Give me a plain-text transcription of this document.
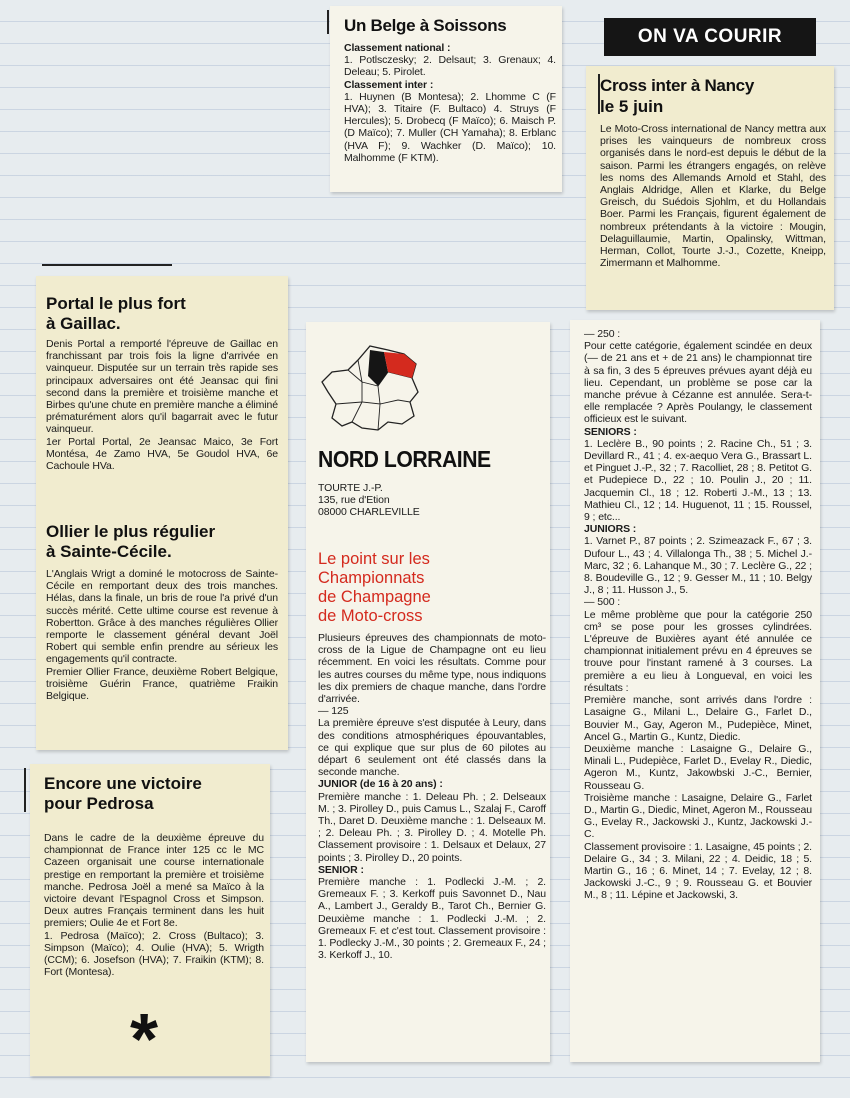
Un Belge à Soissons

Classement national :

1. Potlsczesky; 2. Delsaut; 3. Grenaux; 4. Deleau; 5. Pirolet.

Classement inter :

1. Huynen (B Montesa); 2. Lhomme C (F HVA); 3. Titaire (F. Bultaco) 4. Struys (F Hercules); 5. Drobecq (F Maïco); 6. Maisch P. (D Maïco); 7. Muller (CH Yamaha); 8. Erblanc (HVA F); 9. Wachker (D. Maïco); 10. Malhomme (F KTM).

Cross inter à Nancy
le 5 juin
Le Moto-Cross international de Nancy mettra aux prises les vainqueurs de nombreux cross organisés dans le nord-est depuis le début de la saison. Parmi les étrangers engagés, on relève les noms des Allemands Arnold et Stahl, des Anglais Aldridge, Allen et Klarke, du Belge Greisch, du Suédois Sjohlm, et du Hollandais Boer. Parmi les Français, figurent également de nombreux prétendants à la victoire : Mougin, Delaguillaumie, Martin, Opalinsky, Wittman, Herman, Collot, Tourte J.-J., Cozette, Kneipp, Zimermann et Malhomme.
ON VA COURIR
Portal le plus fort
à Gaillac.

Denis Portal a remporté l'épreuve de Gaillac en franchissant par trois fois la ligne d'arrivée en vainqueur. Disputée sur un terrain très rapide ses principaux adversaires ont été Jeansac qui fini second dans la première et troisième manche et Birbes qu'une chute en première manche a éliminé prématurément alors qu'il bagarrait avec le futur vainqueur.

1er Portal Portal, 2e Jeansac Maico, 3e Fort Montésa, 4e Zamo HVA, 5e Goudol HVA, 6e Cachoule HVa.

Ollier le plus régulier
à Sainte-Cécile.

L'Anglais Wrigt a dominé le motocross de Sainte-Cécile en remportant deux des trois manches. Hélas, dans la finale, un bris de roue l'a privé d'un succès mérité. Cette ultime course est revenue à Robertton. Grâce à des manches régulières Ollier remporte le classement général devant Joël Robert qui semble enfin prendre au sérieux les engagements qu'il contracte.

Premier Ollier France, deuxième Robert Belgique, troisième Guérin France, quatrième Fraikin Belgique.

Encore une victoire
pour Pedrosa

Dans le cadre de la deuxième épreuve du championnat de France inter 125 cc le MC Cazeen organisait une course internationale prestige en remportant la première et troisième manche. Pedrosa Joël a mené sa Maïco à la victoire devant l'Espagnol Cross et Simpson. Deux autres Français terminent dans les huit premiers; Oulie 4e et Fort 8e.

1. Pedrosa (Maïco); 2. Cross (Bultaco); 3. Simpson (Maïco); 4. Oulie (HVA); 5. Wrigth (CCM); 6. Josefson (HVA); 7. Fraikin (KTM); 8. Fort (Montesa).

*
NORD LORRAINE

TOURTE J.-P.

135, rue d'Etion

08000 CHARLEVILLE

Le point sur les
Championnats
de Champagne
de Moto-cross

Plusieurs épreuves des championnats de moto-cross de la Ligue de Champagne ont eu lieu récemment. En voici les résultats. Comme pour les autres courses du même type, nous indiquons les dix premiers de chaque manche, dans l'ordre d'arrivée.

— 125

La première épreuve s'est disputée à Leury, dans des conditions atmosphériques épouvantables, ce qui explique que sur plus de 60 pilotes au départ 6 seulement ont été classés dans la seconde manche.

JUNIOR (de 16 à 20 ans) :

Première manche : 1. Deleau Ph. ; 2. Delseaux M. ; 3. Pirolley D., puis Camus L., Szalaj F., Caroff Th., Daret D. Deuxième manche : 1. Delseaux M. ; 2. Deleau Ph. ; 3. Pirolley D. ; 4. Motelle Ph. Classement provisoire : 1. Delsaux et Delaux, 27 points ; 3. Pirolley D., 20 points.

SENIOR :

Première manche : 1. Podlecki J.-M. ; 2. Gremeaux F. ; 3. Kerkoff puis Savonnet D., Nau A., Lambert J., Geraldy B., Tarot Ch., Bernier G. Deuxième manche : 1. Podlecki J.-M. ; 2. Gremeaux F. et c'est tout. Classement provisoire : 1. Podlecky J.-M., 30 points ; 2. Gremeaux F., 24 ; 3. Kerkoff J., 10.

— 250 :

Pour cette catégorie, également scindée en deux (— de 21 ans et + de 21 ans) le championnat tire à sa fin, 3 des 5 épreuves prévues ayant déjà eu lieu. Cependant, un problème se pose car la manche prévue à Cézanne est annulée. Sera-t-elle remplacée ? Après Poulangy, le classement officieux est le suivant.

SENIORS :

1. Leclère B., 90 points ; 2. Racine Ch., 51 ; 3. Devillard R., 41 ; 4. ex-aequo Vera G., Brassart L. et Pinguet J.-P., 32 ; 7. Racolliet, 28 ; 8. Petitot G. et Pudepiece D., 22 ; 10. Poulin J., 20 ; 11. Jacquemin Cl., 18 ; 12. Roberti J.-M., 13 ; 13. Mathieu Cl., 12 ; 14. Huguenot, 11 ; 15. Roussel, 9 ; etc...

JUNIORS :

1. Varnet P., 87 points ; 2. Szimeazack F., 67 ; 3. Dufour L., 43 ; 4. Villalonga Th., 38 ; 5. Michel J.-Marc, 32 ; 6. Lahanque M., 30 ; 7. Leclère G., 22 ; 8. Boudeville G., 12 ; 9. Gesser M., 11 ; 10. Belgy J., 8 ; 11. Husson J., 5.

— 500 :

Le même problème que pour la catégorie 250 cm³ se pose pour les grosses cylindrées. L'épreuve de Buxières ayant été annulée ce championnat initialement prévu en 4 épreuves se trouve pour l'instant ramené à 3 courses. La première a eu lieu à Longueval, en voici les résultats :

Première manche, sont arrivés dans l'ordre : Lasaigne G., Milani L., Delaire G., Farlet D., Bouvier M., Gay, Ageron M., Pudepièce, Minet, Ancel G., Martin G., Kuntz, Diedic.

Deuxième manche : Lasaigne G., Delaire G., Minali L., Pudepièce, Farlet D., Evelay R., Diedic, Ageron M., Kuntz, Jakowbski J.-C., Bernier, Rousseau G.

Troisième manche : Lasaigne, Delaire G., Farlet D., Martin G., Diedic, Minet, Ageron M., Rousseau G., Evelay R., Jackowski J., Kuntz, Jackowski J.-C.

Classement provisoire : 1. Lasaigne, 45 points ; 2. Delaire G., 34 ; 3. Milani, 22 ; 4. Deidic, 18 ; 5. Martin G., 16 ; 6. Minet, 14 ; 7. Evelay, 12 ; 8. Jackowski J.-C., 9 ; 9. Rousseau G. et Bouvier M., 8 ; 11. Lépine et Jackowski, 3.
